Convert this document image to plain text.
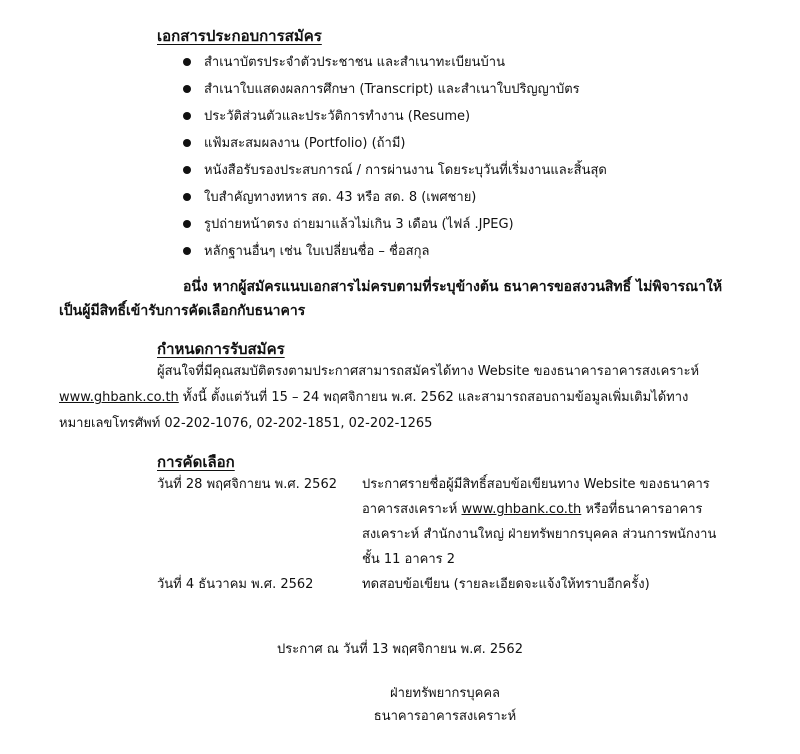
เอกสารประกอบการสมัคร
สำเนาบัตรประจำตัวประชาชน และสำเนาทะเบียนบ้าน
สำเนาใบแสดงผลการศึกษา (Transcript) และสำเนาใบปริญญาบัตร
ประวัติส่วนตัวและประวัติการทำงาน (Resume)
แฟ้มสะสมผลงาน (Portfolio) (ถ้ามี)
หนังสือรับรองประสบการณ์ / การผ่านงาน โดยระบุวันที่เริ่มงานและสิ้นสุด
ใบสำคัญทางทหาร สด. 43 หรือ สด. 8 (เพศชาย)
รูปถ่ายหน้าตรง ถ่ายมาแล้วไม่เกิน 3 เดือน (ไฟล์ .JPEG)
หลักฐานอื่นๆ เช่น ใบเปลี่ยนชื่อ – ชื่อสกุล
อนึ่ง หากผู้สมัครแนบเอกสารไม่ครบตามที่ระบุข้างต้น ธนาคารขอสงวนสิทธิ์ ไม่พิจารณาให้
เป็นผู้มีสิทธิ์เข้ารับการคัดเลือกกับธนาคาร
กำหนดการรับสมัคร
ผู้สนใจที่มีคุณสมบัติตรงตามประกาศสามารถสมัครได้ทาง Website ของธนาคารอาคารสงเคราะห์
www.ghbank.co.th ทั้งนี้ ตั้งแต่วันที่ 15 – 24 พฤศจิกายน พ.ศ. 2562 และสามารถสอบถามข้อมูลเพิ่มเติมได้ทาง
หมายเลขโทรศัพท์ 02-202-1076, 02-202-1851, 02-202-1265
การคัดเลือก
วันที่ 28 พฤศจิกายน พ.ศ. 2562 ประกาศรายชื่อผู้มีสิทธิ์สอบข้อเขียนทาง Website ของธนาคาร
อาคารสงเคราะห์ www.ghbank.co.th หรือที่ธนาคารอาคาร
สงเคราะห์ สำนักงานใหญ่ ฝ่ายทรัพยากรบุคคล ส่วนการพนักงาน
ชั้น 11 อาคาร 2
วันที่ 4 ธันวาคม พ.ศ. 2562	ทดสอบข้อเขียน (รายละเอียดจะแจ้งให้ทราบอีกครั้ง)
ประกาศ ณ วันที่ 13 พฤศจิกายน พ.ศ. 2562
ฝ่ายทรัพยากรบุคคล
ธนาคารอาคารสงเคราะห์
